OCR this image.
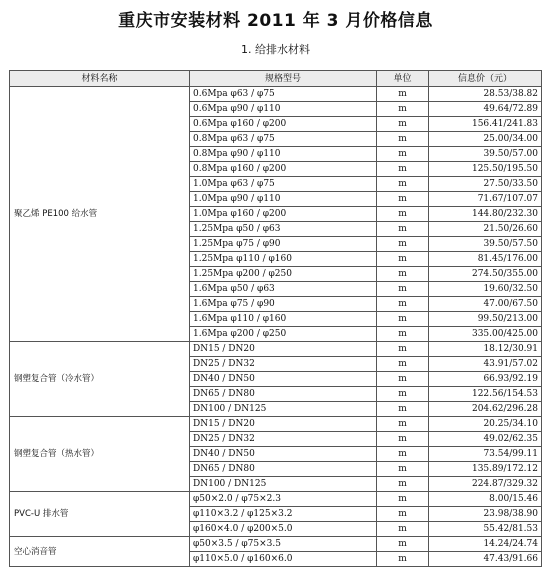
重庆市安装材料 2011 年 3 月价格信息
1. 给排水材料
材料名称	规格型号	单位	信息价（元）
聚乙烯 PE100 给水管	0.6Mpa φ63 / φ75	m	28.53/38.82
	0.6Mpa φ90 / φ110	m	49.64/72.89
	0.6Mpa φ160 / φ200	m	156.41/241.83
	0.8Mpa φ63 / φ75	m	25.00/34.00
	0.8Mpa φ90 / φ110	m	39.50/57.00
	0.8Mpa φ160 / φ200	m	125.50/195.50
	1.0Mpa φ63 / φ75	m	27.50/33.50
	1.0Mpa φ90 / φ110	m	71.67/107.07
	1.0Mpa φ160 / φ200	m	144.80/232.30
	1.25Mpa φ50 / φ63	m	21.50/26.60
	1.25Mpa φ75 / φ90	m	39.50/57.50
	1.25Mpa φ110 / φ160	m	81.45/176.00
	1.25Mpa φ200 / φ250	m	274.50/355.00
	1.6Mpa φ50 / φ63	m	19.60/32.50
	1.6Mpa φ75 / φ90	m	47.00/67.50
	1.6Mpa φ110 / φ160	m	99.50/213.00
	1.6Mpa φ200 / φ250	m	335.00/425.00
钢塑复合管（冷水管）	DN15 / DN20	m	18.12/30.91
	DN25 / DN32	m	43.91/57.02
	DN40 / DN50	m	66.93/92.19
	DN65 / DN80	m	122.56/154.53
	DN100 / DN125	m	204.62/296.28
钢塑复合管（热水管）	DN15 / DN20	m	20.25/34.10
	DN25 / DN32	m	49.02/62.35
	DN40 / DN50	m	73.54/99.11
	DN65 / DN80	m	135.89/172.12
	DN100 / DN125	m	224.87/329.32
PVC-U 排水管	φ50×2.0 / φ75×2.3	m	8.00/15.46
	φ110×3.2 / φ125×3.2	m	23.98/38.90
	φ160×4.0 / φ200×5.0	m	55.42/81.53
空心消音管	φ50×3.5 / φ75×3.5	m	14.24/24.74
	φ110×5.0 / φ160×6.0	m	47.43/91.66
